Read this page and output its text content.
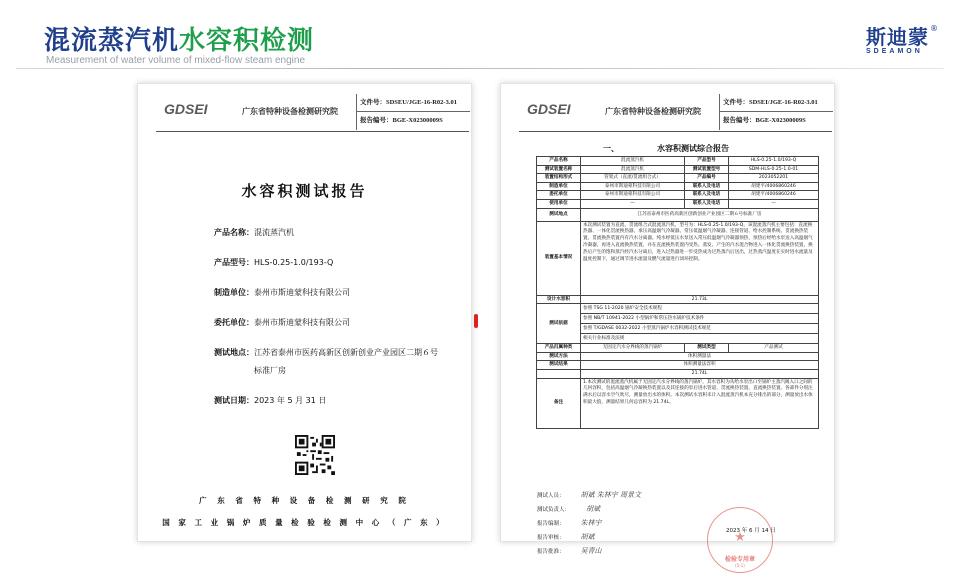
混流蒸汽机水容积检测
Measurement of water volume of mixed-flow steam engine
斯迪蒙
SDEAMON
®
GDSEI	广东省特种设备检测研究院
文件号：SDSEU/JGE-16-R02-3.01
报告编号：BGE-X02300009S
水容积测试报告
产品名称：混流蒸汽机
产品型号：HLS-0.25-1.0/193-Q
制造单位：泰州市斯迪蒙科技有限公司
委托单位：泰州市斯迪蒙科技有限公司
测试地点：江苏省泰州市医药高新区创新创业产业园区二期６号
标准厂房
测试日期：2023 年 5 月 31 日
广 东 省 特 种 设 备 检 测 研 究 院
国 家 工 业 锅 炉 质 量 检 验 检 测 中 心 （ 广 东 ）
GDSEI	广东省特种设备检测研究院
文件号：SDSEI/JGE-16-R02-3.01
报告编号：BGE-X02300009S
一、	水容积测试综合报告
产品名称	混流蒸汽机	产品型号	HLS-0.25-1.0/193-Q
测试装置名称	混流蒸汽机	测试装置型号	SDM-HLS-0.25-1.0-01
装置结构形式	管架式（直流/贯流组合式）	产品编号	2023052201
制造单位	泰州市斯迪蒙科技有限公司	联系人及电话	胡建平/4006860246
委托单位	泰州市斯迪蒙科技有限公司	联系人及电话	胡建平/4006860246
使用单位	—	联系人及电话	—
测试地点	江苏省泰州市医药高新区创新创业产业园区二期６号标准厂房		
装置基本情况	本次测试装置为直流、贯流组合式混流蒸汽机，型号为：HLS-0.25-1.0/193-Q，该混流蒸汽机主要包括：直流换热器、一体化贯流换热器、承压高温烟气冷凝器、常压低温烟气冷凝器、连接管道、给水控制系统、贯流换热装置、贯流换热装置内有汽水分离器。纯水经低压水泵送入常压低温烟气冷凝器预热，预热后经给水泵送入高温烟气冷凝器，再进入直流换热装置，并在直流换热装置内受热、蒸发、产生的汽水混合物进入一体化贯流换热装置，换热后产生的饱和蒸汽经汽水分离后，进入过热器进一步受热成为过热蒸汽后送出，过热蒸汽温度在实时进水流量及温度控制下，通过调节进水流量及燃气流量进行闭环控制。		
设计水容积	21.73L		
测试依据	参照 TSG 11-2020 锅炉安全技术规程		
	参照 NB/T 10941-2022 小型锅炉和常压热水锅炉技术条件		
	参照 T/GDASE 0032-2022 小型蒸汽锅炉水容积测试技术规范		
	相关行业标准及法规		
产品归属种类	无固定汽水分界线的蒸汽锅炉	测试类型	产品测试
测试方法	体积测量法		
测试结果	体积测量法容积		
	21.74L		
备注	1.本次测试的混流蒸汽机属于无固定汽水分界线的蒸汽锅炉，其水容积为从给水泵出口至锅炉主蒸汽阀入口之间的几何容积，包括高温烟气冷凝换热装置以及其连接的泵后进水管道、贯流换热装置、直流换热装置、各部件分别注满水后以容水空气吹尽，测量放出水的体积。本次测试水容积未计入混流蒸汽机本充分排出的部分，测量放出水体积最大值，测量结果几何总容积为 21.74L。		
测试人员： 胡斌 朱林宇 周景文
测试负责人： 胡斌
报告编制： 朱林宇
报告审核： 胡斌
报告批准： 吴青山
★
检验专用章
(5-1)
2023 年 6 月 14 日
